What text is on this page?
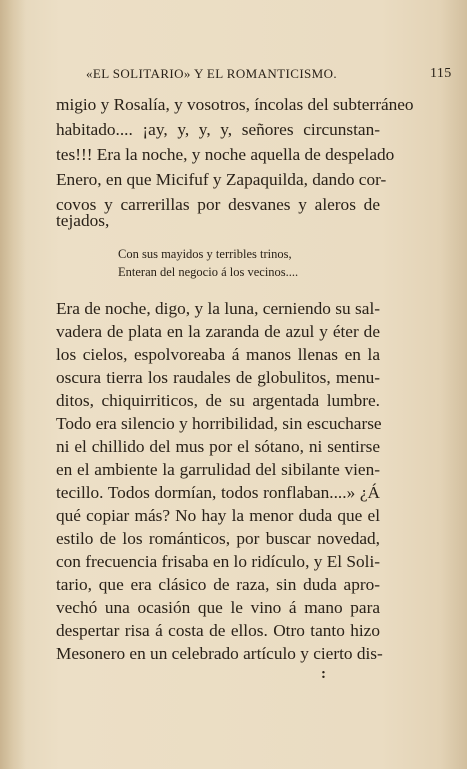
«EL SOLITARIO» Y EL ROMANTICISMO.	115
migio y Rosalía, y vosotros, íncolas del subterráneo
habitado.... ¡ay, y, y, y, señores circunstan-
tes!!! Era la noche, y noche aquella de despelado
Enero, en que Micifuf y Zapaquilda, dando cor-
covos y carrerillas por desvanes y aleros de
tejados,
Con sus mayidos y terribles trinos,
Enteran del negocio á los vecinos....
Era de noche, digo, y la luna, cerniendo su sal-
vadera de plata en la zaranda de azul y éter de
los cielos, espolvoreaba á manos llenas en la
oscura tierra los raudales de globulitos, menu-
ditos, chiquirriticos, de su argentada lumbre.
Todo era silencio y horribilidad, sin escucharse
ni el chillido del mus por el sótano, ni sentirse
en el ambiente la garrulidad del sibilante vien-
tecillo. Todos dormían, todos ronflaban....» ¿Á
qué copiar más? No hay la menor duda que el
estilo de los románticos, por buscar novedad,
con frecuencia frisaba en lo ridículo, y El Soli-
tario, que era clásico de raza, sin duda apro-
vechó una ocasión que le vino á mano para
despertar risa á costa de ellos. Otro tanto hizo
Mesonero en un celebrado artículo y cierto dis-
:
